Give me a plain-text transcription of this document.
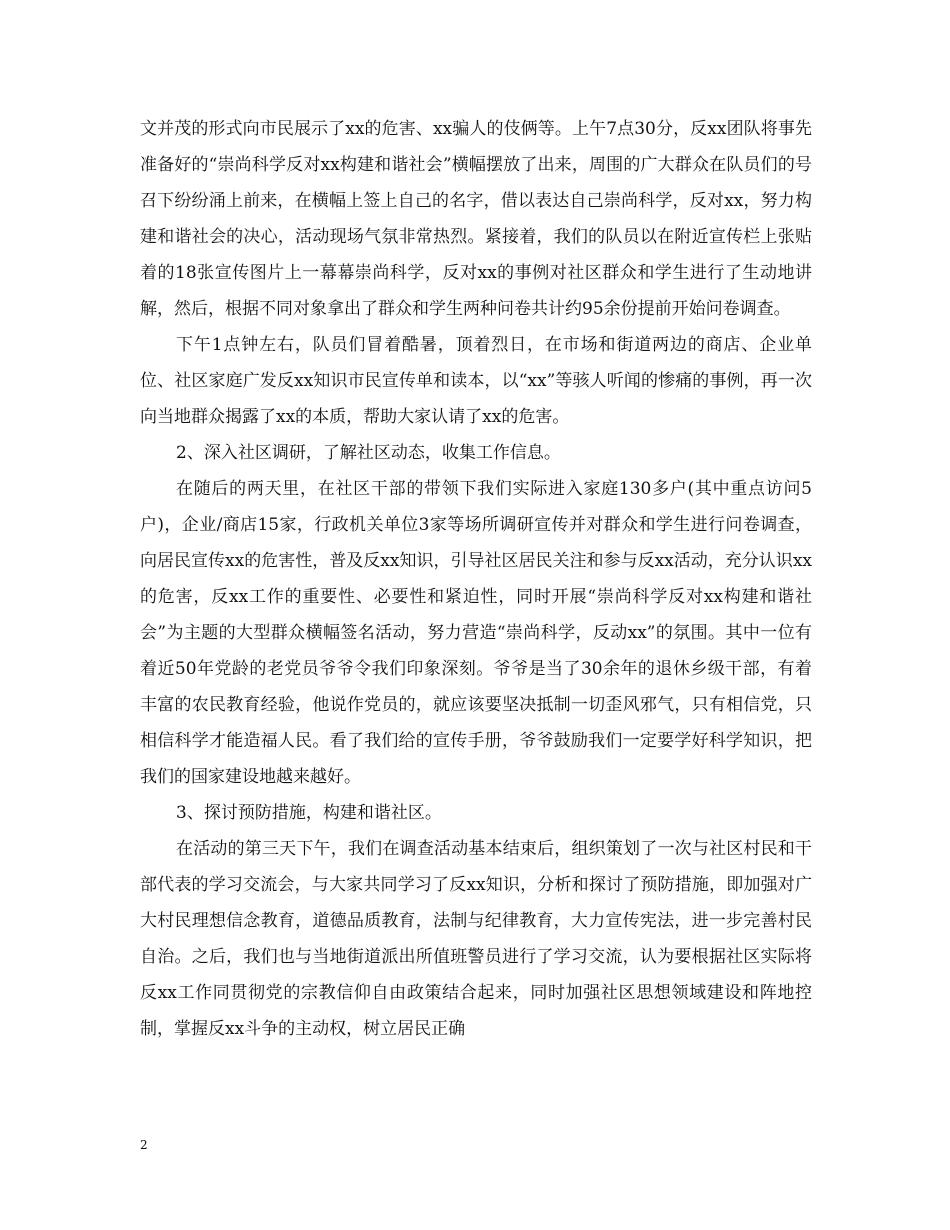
文并茂的形式向市民展示了xx的危害、xx骗人的伎俩等。上午7点30分，反xx团队将事先准备好的“崇尚科学反对xx构建和谐社会”横幅摆放了出来，周围的广大群众在队员们的号召下纷纷涌上前来，在横幅上签上自己的名字，借以表达自己崇尚科学，反对xx，努力构建和谐社会的决心，活动现场气氛非常热烈。紧接着，我们的队员以在附近宣传栏上张贴着的18张宣传图片上一幕幕崇尚科学，反对xx的事例对社区群众和学生进行了生动地讲解，然后，根据不同对象拿出了群众和学生两种问卷共计约95余份提前开始问卷调查。

下午1点钟左右，队员们冒着酷暑，顶着烈日，在市场和街道两边的商店、企业单位、社区家庭广发反xx知识市民宣传单和读本，以“xx”等骇人听闻的惨痛的事例，再一次向当地群众揭露了xx的本质，帮助大家认请了xx的危害。

2、深入社区调研，了解社区动态，收集工作信息。

在随后的两天里，在社区干部的带领下我们实际进入家庭130多户(其中重点访问5户)，企业/商店15家，行政机关单位3家等场所调研宣传并对群众和学生进行问卷调查，向居民宣传xx的危害性，普及反xx知识，引导社区居民关注和参与反xx活动，充分认识xx的危害，反xx工作的重要性、必要性和紧迫性，同时开展“崇尚科学反对xx构建和谐社会”为主题的大型群众横幅签名活动，努力营造“崇尚科学，反动xx”的氛围。其中一位有着近50年党龄的老党员爷爷令我们印象深刻。爷爷是当了30余年的退休乡级干部，有着丰富的农民教育经验，他说作党员的，就应该要坚决抵制一切歪风邪气，只有相信党，只相信科学才能造福人民。看了我们给的宣传手册，爷爷鼓励我们一定要学好科学知识，把我们的国家建设地越来越好。

3、探讨预防措施，构建和谐社区。

在活动的第三天下午，我们在调查活动基本结束后，组织策划了一次与社区村民和干部代表的学习交流会，与大家共同学习了反xx知识，分析和探讨了预防措施，即加强对广大村民理想信念教育，道德品质教育，法制与纪律教育，大力宣传宪法，进一步完善村民自治。之后，我们也与当地街道派出所值班警员进行了学习交流，认为要根据社区实际将反xx工作同贯彻党的宗教信仰自由政策结合起来，同时加强社区思想领域建设和阵地控制，掌握反xx斗争的主动权，树立居民正确

2
